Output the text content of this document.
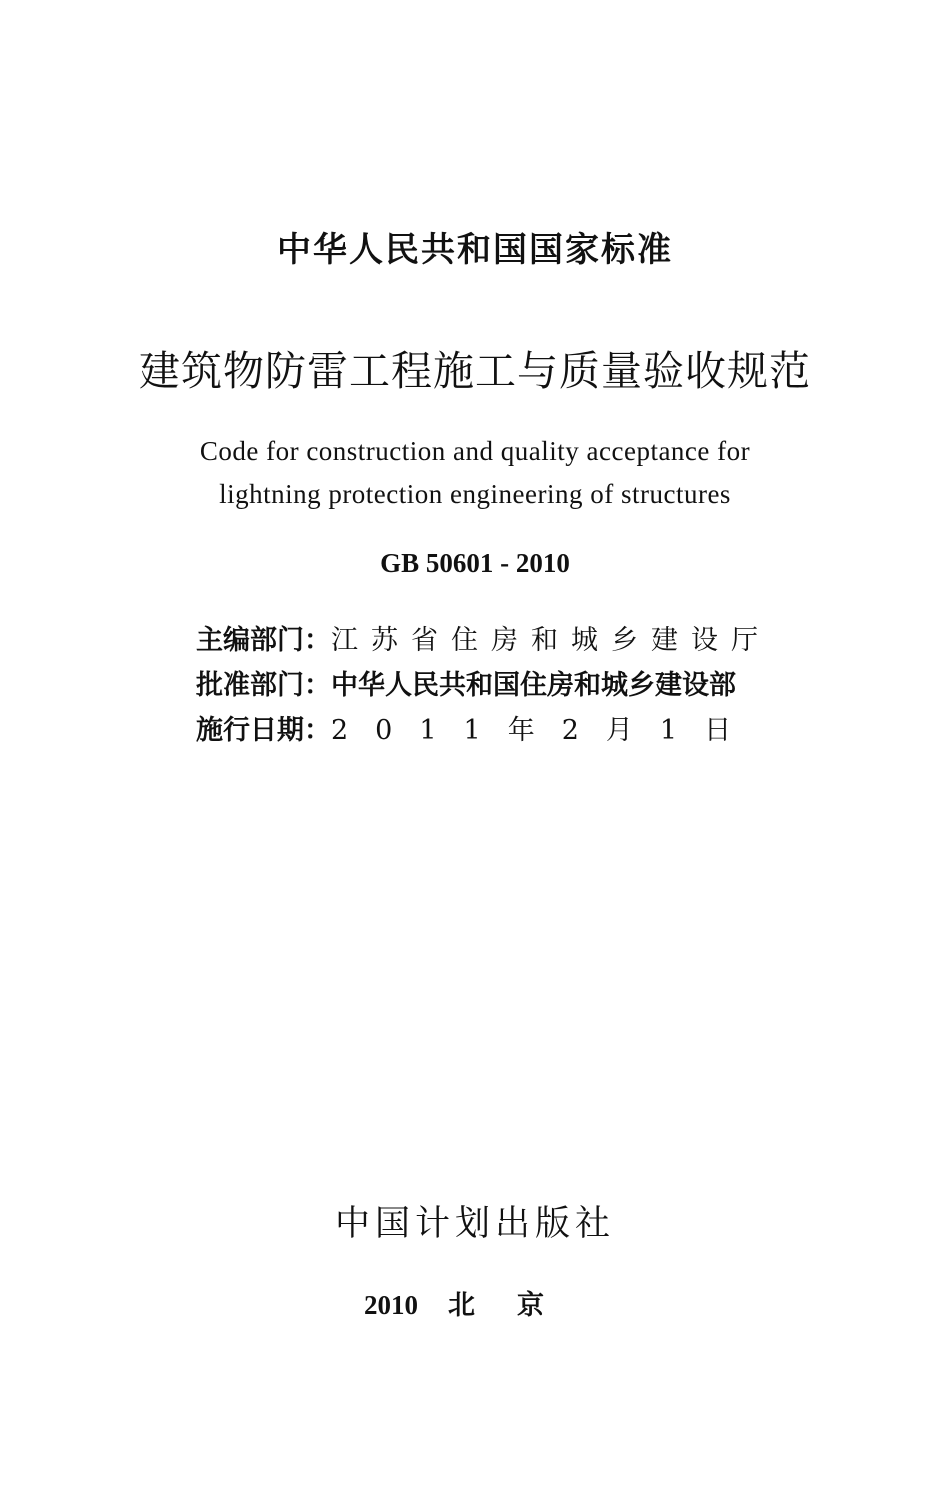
中华人民共和国国家标准
建筑物防雷工程施工与质量验收规范
Code for construction and quality acceptance for
lightning protection engineering of structures
GB 50601 - 2010
主编部门：江苏省住房和城乡建设厅
批准部门：中华人民共和国住房和城乡建设部
施行日期：2011年2月1日
中国计划出版社
2010 北京
